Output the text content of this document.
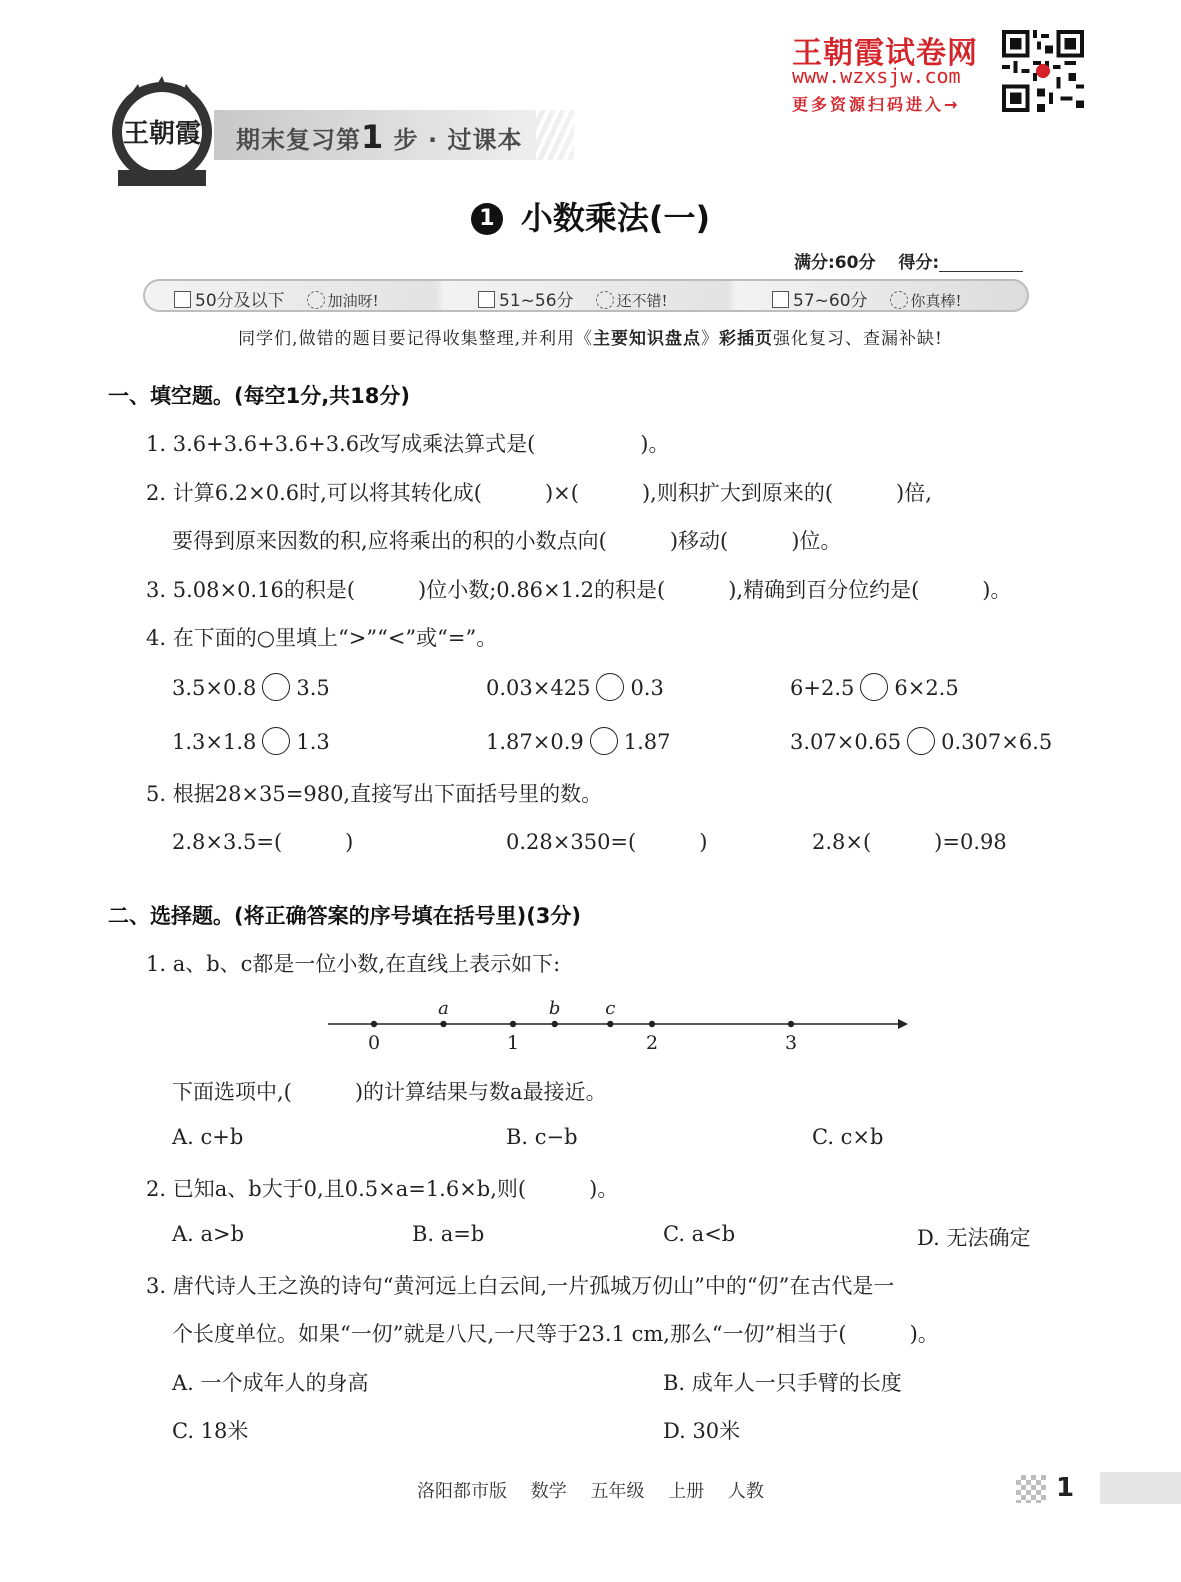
王朝霞 期末复习第1 步 · 过课本
王朝霞试卷网
www.wzxsjw.com
更多资源扫码进入→
1 小数乘法(一)
满分:60分　 得分:
50分及以下	加油呀!	51~56分	还不错!	57~60分	你真棒!
同学们,做错的题目要记得收集整理,并利用《主要知识盘点》彩插页强化复习、查漏补缺!
一、填空题。(每空1分,共18分)
1. 3.6+3.6+3.6+3.6改写成乘法算式是(　　　　　)。
2. 计算6.2×0.6时,可以将其转化成(　　　)×(　　　),则积扩大到原来的(　　　)倍,
要得到原来因数的积,应将乘出的积的小数点向(　　　)移动(　　　)位。
3. 5.08×0.16的积是(　　　)位小数;0.86×1.2的积是(　　　),精确到百分位约是(　　　)。
4. 在下面的○里填上“>”“<”或“=”。
3.5×0.8 3.5	0.03×425 0.3	6+2.5 6×2.5
1.3×1.8 1.3	1.87×0.9 1.87	3.07×0.65 0.307×6.5
5. 根据28×35=980,直接写出下面括号里的数。
2.8×3.5=(　　　)	0.28×350=(　　　)	2.8×(　　　)=0.98
二、选择题。(将正确答案的序号填在括号里)(3分)
1. a、b、c都是一位小数,在直线上表示如下:
0	1	2	3
a	b c
下面选项中,(　　　)的计算结果与数a最接近。
A. c+b	B. c−b	C. c×b
2. 已知a、b大于0,且0.5×a=1.6×b,则(　　　)。
A. a>b	B. a=b	C. a<b	D. 无法确定
3. 唐代诗人王之涣的诗句“黄河远上白云间,一片孤城万仞山”中的“仞”在古代是一
个长度单位。如果“一仞”就是八尺,一尺等于23.1 cm,那么“一仞”相当于(　　　)。
A. 一个成年人的身高	B. 成年人一只手臂的长度
C. 18米	D. 30米
洛阳都市版 数学 五年级 上册 人教	1
